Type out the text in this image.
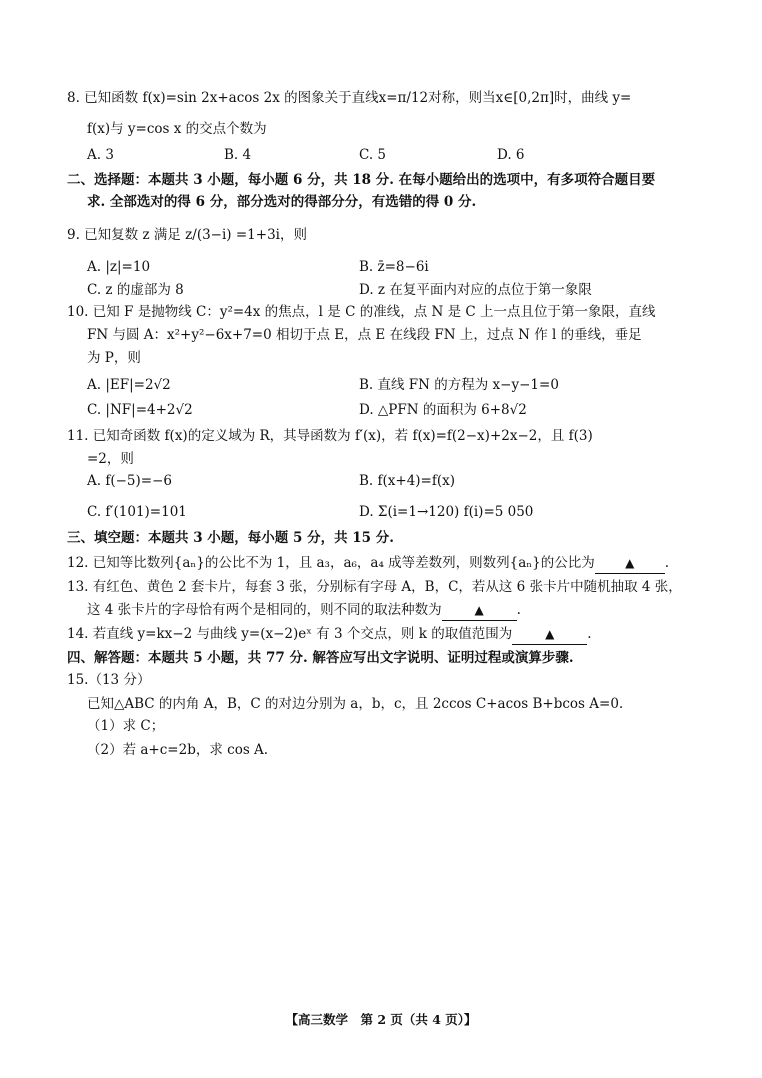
8. 已知函数 f(x)=sin 2x+acos 2x 的图象关于直线x=π/12对称，则当x∈[0,2π]时，曲线 y=
f(x)与 y=cos x 的交点个数为
A. 3	B. 4	C. 5	D. 6
二、选择题：本题共 3 小题，每小题 6 分，共 18 分. 在每小题给出的选项中，有多项符合题目要
求. 全部选对的得 6 分，部分选对的得部分分，有选错的得 0 分.
9. 已知复数 z 满足 z/(3−i) =1+3i，则
A. |z|=10	B. z̄=8−6i
C. z 的虚部为 8	D. z 在复平面内对应的点位于第一象限
10. 已知 F 是抛物线 C：y²=4x 的焦点，l 是 C 的准线，点 N 是 C 上一点且位于第一象限，直线
FN 与圆 A：x²+y²−6x+7=0 相切于点 E，点 E 在线段 FN 上，过点 N 作 l 的垂线，垂足
为 P，则
A. |EF|=2√2	B. 直线 FN 的方程为 x−y−1=0
C. |NF|=4+2√2	D. △PFN 的面积为 6+8√2
11. 已知奇函数 f(x)的定义域为 R，其导函数为 f′(x)，若 f(x)=f(2−x)+2x−2，且 f(3)
=2，则
A. f(−5)=−6	B. f(x+4)=f(x)
C. f′(101)=101	D. Σ(i=1→120) f(i)=5 050
三、填空题：本题共 3 小题，每小题 5 分，共 15 分.
12. 已知等比数列{aₙ}的公比不为 1，且 a₃，a₆，a₄ 成等差数列，则数列{aₙ}的公比为	▲ .
13. 有红色、黄色 2 套卡片，每套 3 张，分别标有字母 A，B，C，若从这 6 张卡片中随机抽取 4 张，
这 4 张卡片的字母恰有两个是相同的，则不同的取法种数为	▲ .
14. 若直线 y=kx−2 与曲线 y=(x−2)eˣ 有 3 个交点，则 k 的取值范围为	▲ .
四、解答题：本题共 5 小题，共 77 分. 解答应写出文字说明、证明过程或演算步骤.
15.（13 分）
已知△ABC 的内角 A，B，C 的对边分别为 a，b，c，且 2ccos C+acos B+bcos A=0.
（1）求 C；
（2）若 a+c=2b，求 cos A.
【高三数学　第 2 页（共 4 页）】
